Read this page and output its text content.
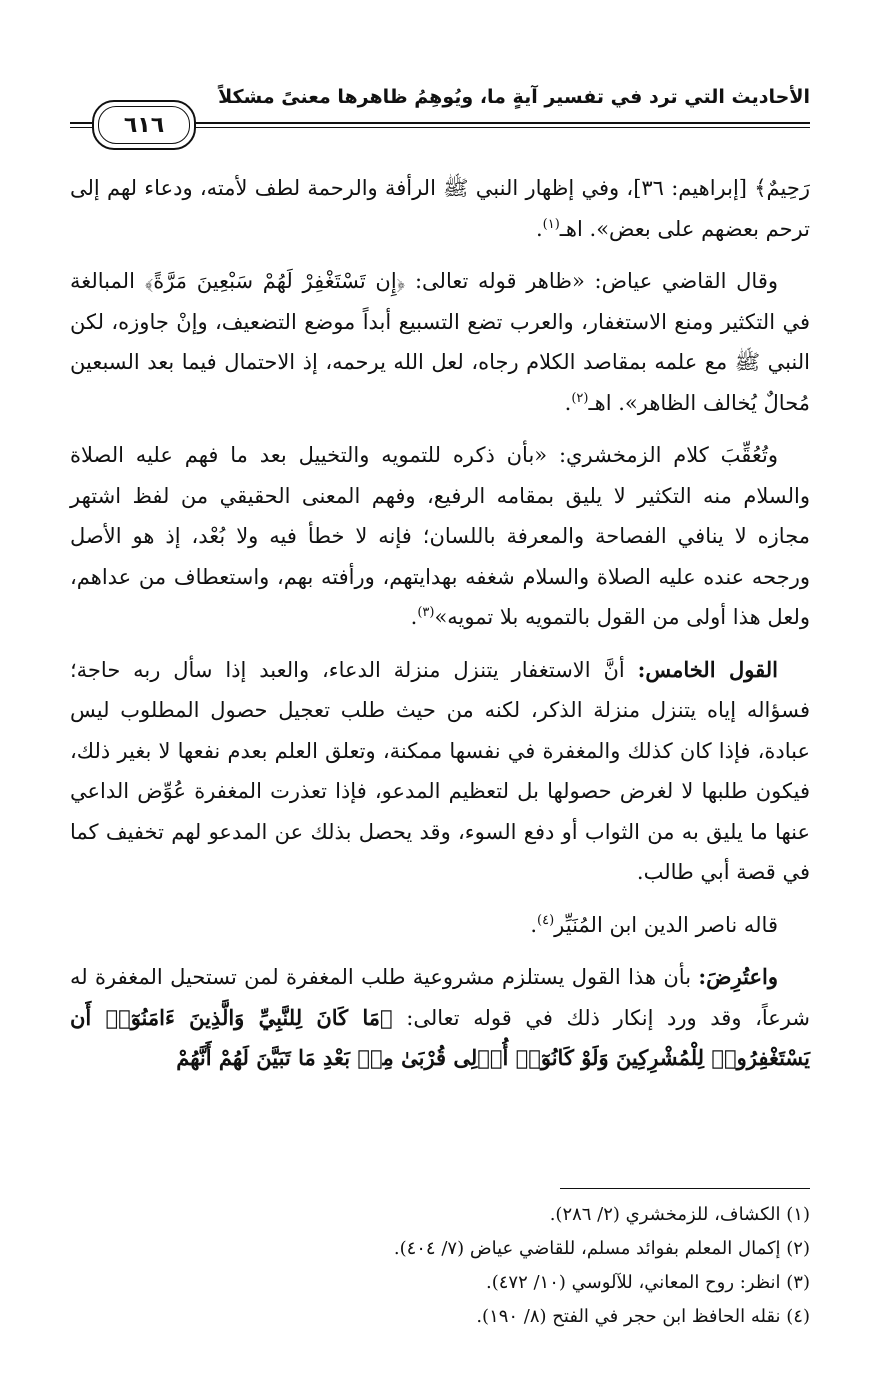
الأحاديث التي ترد في تفسير آيةٍ ما، ويُوهِمُ ظاهرها معنىً مشكلاً
٦١٦

رَحِيمٌ﴾ [إبراهيم: ٣٦]، وفي إظهار النبي ﷺ الرأفة والرحمة لطف لأمته، ودعاء لهم إلى ترحم بعضهم على بعض». اهـ$^{(١)}$.

وقال القاضي عياض: «ظاهر قوله تعالى: ﴿إِن تَسْتَغْفِرْ لَهُمْ سَبْعِينَ مَرَّةً﴾ المبالغة في التكثير ومنع الاستغفار، والعرب تضع التسبيع أبداً موضع التضعيف، وإنْ جاوزه، لكن النبي ﷺ مع علمه بمقاصد الكلام رجاه، لعل الله يرحمه، إذ الاحتمال فيما بعد السبعين مُحالٌ يُخالف الظاهر». اهـ$^{(٢)}$.

وتُعُقِّبَ كلام الزمخشري: «بأن ذكره للتمويه والتخييل بعد ما فهم عليه الصلاة والسلام منه التكثير لا يليق بمقامه الرفيع، وفهم المعنى الحقيقي من لفظ اشتهر مجازه لا ينافي الفصاحة والمعرفة باللسان؛ فإنه لا خطأ فيه ولا بُعْد، إذ هو الأصل ورجحه عنده عليه الصلاة والسلام شغفه بهدايتهم، ورأفته بهم، واستعطاف من عداهم، ولعل هذا أولى من القول بالتمويه بلا تمويه»$^{(٣)}$.

القول الخامس: أنَّ الاستغفار يتنزل منزلة الدعاء، والعبد إذا سأل ربه حاجة؛ فسؤاله إياه يتنزل منزلة الذكر، لكنه من حيث طلب تعجيل حصول المطلوب ليس عبادة، فإذا كان كذلك والمغفرة في نفسها ممكنة، وتعلق العلم بعدم نفعها لا بغير ذلك، فيكون طلبها لا لغرض حصولها بل لتعظيم المدعو، فإذا تعذرت المغفرة عُوِّض الداعي عنها ما يليق به من الثواب أو دفع السوء، وقد يحصل بذلك عن المدعو لهم تخفيف كما في قصة أبي طالب.

قاله ناصر الدين ابن المُنَيِّر$^{(٤)}$.

واعتُرِضَ: بأن هذا القول يستلزم مشروعية طلب المغفرة لمن تستحيل المغفرة له شرعاً، وقد ورد إنكار ذلك في قوله تعالى: ﴿مَا كَانَ لِلنَّبِيِّ وَالَّذِينَ ءَامَنُوٓا۟ أَن يَسْتَغْفِرُوا۟ لِلْمُشْرِكِينَ وَلَوْ كَانُوٓا۟ أُو۟لِى قُرْبَىٰ مِنۢ بَعْدِ مَا تَبَيَّنَ لَهُمْ أَنَّهُمْ

(١) الكشاف، للزمخشري (٢/ ٢٨٦).
(٢) إكمال المعلم بفوائد مسلم، للقاضي عياض (٧/ ٤٠٤).
(٣) انظر: روح المعاني، للآلوسي (١٠/ ٤٧٢).
(٤) نقله الحافظ ابن حجر في الفتح (٨/ ١٩٠).
